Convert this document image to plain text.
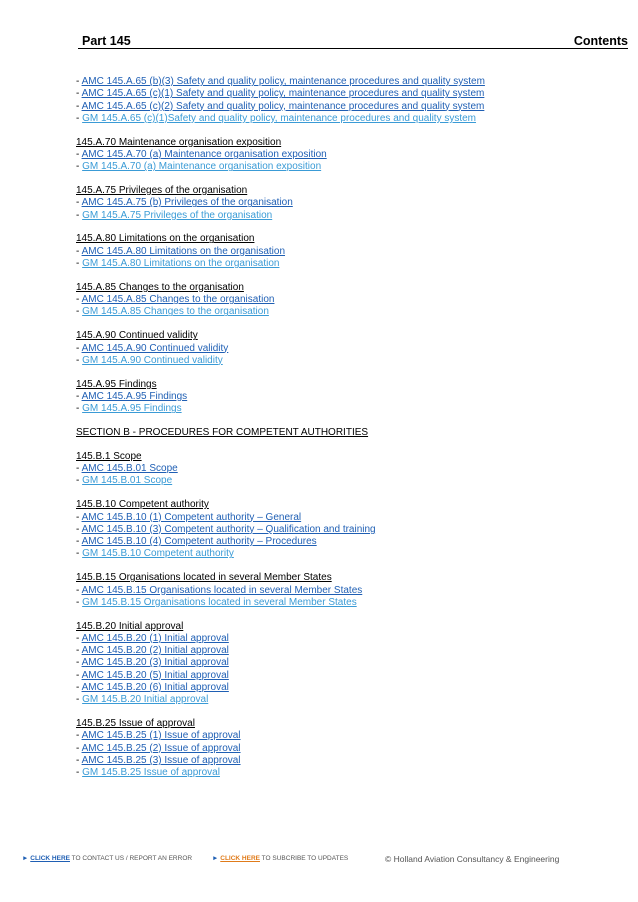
Part 145	Contents
- AMC 145.A.65 (b)(3) Safety and quality policy, maintenance procedures and quality system
- AMC 145.A.65 (c)(1) Safety and quality policy, maintenance procedures and quality system
- AMC 145.A.65 (c)(2) Safety and quality policy, maintenance procedures and quality system
- GM 145.A.65 (c)(1)Safety and quality policy, maintenance procedures and quality system
145.A.70 Maintenance organisation exposition
- AMC 145.A.70 (a) Maintenance organisation exposition
- GM 145.A.70 (a) Maintenance organisation exposition
145.A.75 Privileges of the organisation
- AMC 145.A.75 (b) Privileges of the organisation
- GM 145.A.75 Privileges of the organisation
145.A.80 Limitations on the organisation
- AMC 145.A.80 Limitations on the organisation
- GM 145.A.80 Limitations on the organisation
145.A.85 Changes to the organisation
- AMC 145.A.85 Changes to the organisation
- GM 145.A.85 Changes to the organisation
145.A.90 Continued validity
- AMC 145.A.90 Continued validity
- GM 145.A.90 Continued validity
145.A.95 Findings
- AMC 145.A.95 Findings
- GM 145.A.95 Findings
SECTION B - PROCEDURES FOR COMPETENT AUTHORITIES
145.B.1 Scope
- AMC 145.B.01 Scope
- GM 145.B.01 Scope
145.B.10 Competent authority
- AMC 145.B.10 (1) Competent authority – General
- AMC 145.B.10 (3) Competent authority – Qualification and training
- AMC 145.B.10 (4) Competent authority – Procedures
- GM 145.B.10 Competent authority
145.B.15 Organisations located in several Member States
- AMC 145.B.15 Organisations located in several Member States
- GM 145.B.15 Organisations located in several Member States
145.B.20 Initial approval
- AMC 145.B.20 (1) Initial approval
- AMC 145.B.20 (2) Initial approval
- AMC 145.B.20 (3) Initial approval
- AMC 145.B.20 (5) Initial approval
- AMC 145.B.20 (6) Initial approval
- GM 145.B.20 Initial approval
145.B.25 Issue of approval
- AMC 145.B.25 (1) Issue of approval
- AMC 145.B.25 (2) Issue of approval
- AMC 145.B.25 (3) Issue of approval
- GM 145.B.25 Issue of approval
► CLICK HERE TO CONTACT US / REPORT AN ERROR	► CLICK HERE TO SUBCRIBE TO UPDATES	© Holland Aviation Consultancy & Engineering
